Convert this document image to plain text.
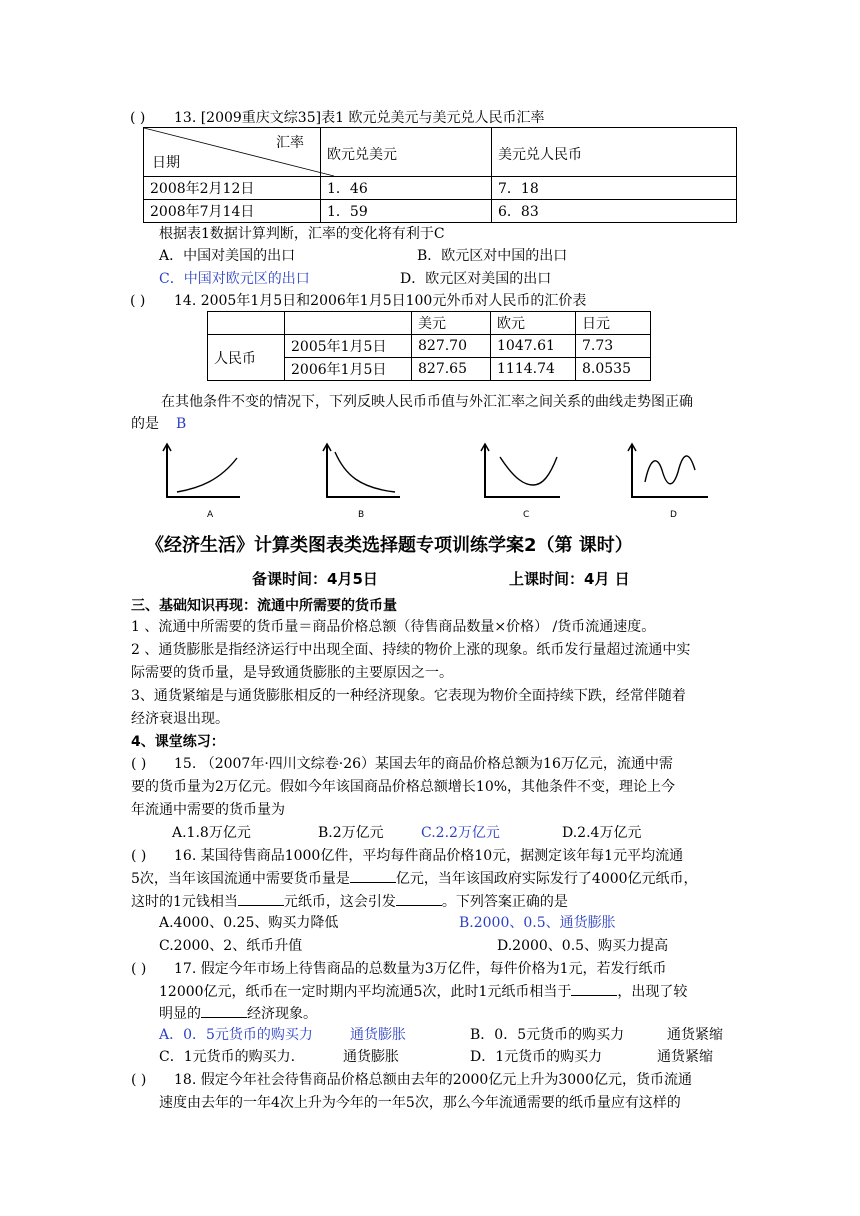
( ) 13. [2009重庆文综35]表1 欧元兑美元与美元兑人民币汇率
汇率
日期	欧元兑美元	美元兑人民币
2008年2月12日	1．46	7．18
2008年7月14日	1．59	6．83
根据表1数据计算判断，汇率的变化将有利于C
A．中国对美国的出口	B．欧元区对中国的出口
C．中国对欧元区的出口	D．欧元区对美国的出口
( ) 14. 2005年1月5日和2006年1月5日100元外币对人民币的汇价表
		美元	欧元	日元
人民币	2005年1月5日	827.70	1047.61	7.73
	2006年1月5日	827.65	1114.74	8.0535
在其他条件不变的情况下，下列反映人民币币值与外汇汇率之间关系的曲线走势图正确
的是 B
A	B	C	D
《经济生活》计算类图表类选择题专项训练学案2（第 课时）
备课时间：4月5日	上课时间：4月 日
三、基础知识再现：流通中所需要的货币量
1 、流通中所需要的货币量＝商品价格总额（待售商品数量×价格） /货币流通速度。
2 、通货膨胀是指经济运行中出现全面、持续的物价上涨的现象。纸币发行量超过流通中实
际需要的货币量，是导致通货膨胀的主要原因之一。
3、通货紧缩是与通货膨胀相反的一种经济现象。它表现为物价全面持续下跌，经常伴随着
经济衰退出现。
4、课堂练习：
( ) 15. （2007年·四川文综卷·26）某国去年的商品价格总额为16万亿元，流通中需
要的货币量为2万亿元。假如今年该国商品价格总额增长10%，其他条件不变，理论上今
年流通中需要的货币量为
A.1.8万亿元	B.2万亿元	C.2.2万亿元	D.2.4万亿元
( ) 16. 某国待售商品1000亿件，平均每件商品价格10元，据测定该年每1元平均流通
5次，当年该国流通中需要货币量是	亿元，当年该国政府实际发行了4000亿元纸币，
这时的1元钱相当	元纸币，这会引发	。下列答案正确的是
A.4000、0.25、购买力降低	B.2000、0.5、通货膨胀
C.2000、2、纸币升值	D.2000、0.5、购买力提高
( ) 17. 假定今年市场上待售商品的总数量为3万亿件，每件价格为1元，若发行纸币
12000亿元，纸币在一定时期内平均流通5次，此时1元纸币相当于	，出现了较
明显的	经济现象。
A．0．5元货币的购买力	通货膨胀	B．0．5元货币的购买力	通货紧缩
C．1元货币的购买力.	通货膨胀	D．1元货币的购买力	通货紧缩
( ) 18. 假定今年社会待售商品价格总额由去年的2000亿元上升为3000亿元，货币流通
速度由去年的一年4次上升为今年的一年5次，那么今年流通需要的纸币量应有这样的
